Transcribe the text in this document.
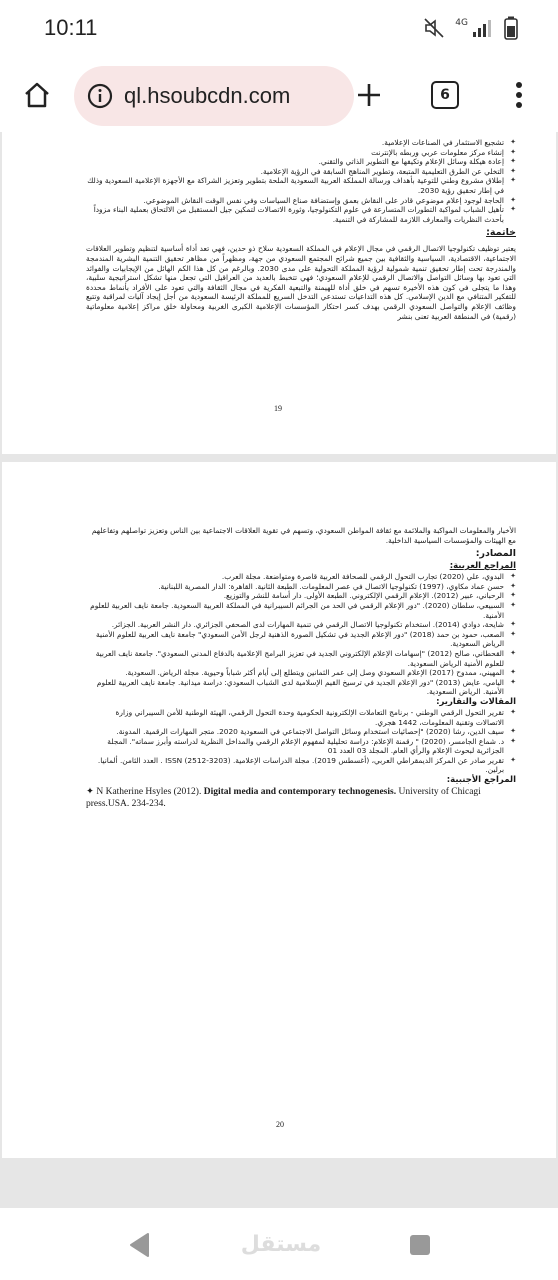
10:11	4G
ql.hsoubcdn.com	6
✦ تشجيع الاستثمار في الصناعات الإعلامية.
✦ إنشاء مركز معلومات عربي وربطه بالإنترنت
✦ إعادة هيكلة وسائل الإعلام وتكيفها مع التطوير الذاتي والتقني.
✦ التخلي عن الطرق التعليمية المتبعة، وتطوير المناهج السابقة في الرؤية الإعلامية.
✦ إطلاق مشروع وطني للتوعية بأهداف ورسالة المملكة العربية السعودية الملحة بتطوير وتعزيز الشراكة مع الأجهزة الإعلامية السعودية وذلك في إطار تحقيق رؤية 2030.
✦ الحاجة لوجود إعلام موضوعي قادر على النقاش بعمق وإستضافة صناع السياسات وفي نفس الوقت النقاش الموضوعي.
✦ تأهيل الشباب لمواكبة التطورات المتسارعة في علوم التكنولوجيا، وثورة الاتصالات لتمكين جيل المستقبل من الالتحاق بعملية البناء مزوداً بأحدث النظريات والمعارف اللازمة للمشاركة في التنمية.
خاتمة:
يعتبر توظيف تكنولوجيا الاتصال الرقمي في مجال الإعلام في المملكة السعودية سلاح ذو حدين، فهي تعد أداة أساسية لتنظيم وتطوير العلاقات الاجتماعية، الاقتصادية، السياسية والثقافية بين جميع شرائح المجتمع السعودي من جهة، ومظهراً من مظاهر تحقيق التنمية البشرية المندمجة والمندرجة تحت إطار تحقيق تنمية شمولية لرؤية المملكة التحولية على مدى 2030. وبالرغم من كل هذا الكم الهائل من الإيجابيات والفوائد التي تعود بها وسائل التواصل والاتصال الرقمي للإعلام السعودي؛ فهي تتخبط بالعديد من العراقيل التي تجعل منها تشكل استراتيجية سلبية، وهذا ما يتجلى في كون هذه الأخيرة تسهم في خلق أداة للهيمنة والتبعية الفكرية في مجال الثقافة والتي تعود على الأفراد بأنماط محددة للتفكير المتنافي مع الدين الإسلامي. كل هذه التداعيات تستدعي التدخل السريع للمملكة الرئيسة السعودية من أجل إيجاد آليات لمراقبة وتتبع وظائف الإعلام والتواصل السعودي الرقمي بهدف كسر احتكار المؤسسات الإعلامية الكبرى الغربية ومحاولة خلق مراكز إعلامية معلوماتية (رقمية) في المنطقة العربية تعنى بنشر
19
الأخبار والمعلومات المواكبة والملائمة مع ثقافة المواطن السعودي، وتسهم في تقوية العلاقات الاجتماعية بين الناس وتعزيز تواصلهم وتفاعلهم مع الهيئات والمؤسسات السياسية الداخلية.
المصادر:
المراجع العربية:
✦ البدوي، علي (2020) تجارب التحول الرقمي للصحافة العربية قاصرة ومتواضعة. مجلة العرب.
✦ حسن عماد مكاوي، (1997) تكنولوجيا الاتصال في عصر المعلومات. الطبعة الثانية. القاهرة: الدار المصرية اللبنانية.
✦ الرحباني، عبير (2012). الإعلام الرقمي الإلكتروني. الطبعة الأولى. دار أسامة للنشر والتوزيع.
✦ السبيعي، سلطان (2020). "دور الإعلام الرقمي في الحد من الجرائم السيبرانية في المملكة العربية السعودية. جامعة نايف العربية للعلوم الأمنية.
✦ شايحة، دوادي (2014). استخدام تكنولوجيا الاتصال الرقمي في تنمية المهارات لدى الصحفي الجزائري. دار النشر العربية. الجزائر.
✦ الصعب، حمود بن حمد (2018) "دور الإعلام الجديد في تشكيل الصورة الذهنية لرجل الأمن السعودي" جامعة نايف العربية للعلوم الأمنية الرياض السعودية.
✦ القحطاني، صالح (2012) "إسهامات الإعلام الإلكتروني الجديد في تعزيز البرامج الإعلامية بالدفاع المدني السعودي". جامعة نايف العربية للعلوم الأمنية الرياض السعودية.
✦ المهيني، ممدوح (2017) الإعلام السعودي وصل إلى عمر الثمانين ويتطلع إلى أيام أكثر شباباً وحيوية. مجلة الرياض. السعودية.
✦ اليامي، عايض (2013) "دور الإعلام الجديد في ترسيخ القيم الإسلامية لدى الشباب السعودي: دراسة ميدانية. جامعة نايف العربية للعلوم الأمنية. الرياض السعودية.
المقالات والتقارير:
✦ تقرير التحول الرقمي الوطني - برنامج التعاملات الإلكترونية الحكومية وحدة التحول الرقمي، الهيئة الوطنية للأمن السيبراني وزارة الاتصالات وتقنية المعلومات، 1442 هجري.
✦ سيف الدين، رشا (2020) "إحصائيات استخدام وسائل التواصل الاجتماعي في السعودية 2020. متجر المهارات الرقمية. المدونة.
✦ د. شماع الجامسر، (2020) " رقمنة الإعلام: دراسة تحليلية لمفهوم الإعلام الرقمي والمداخل النظرية لدراسته وأبرز سماته". المجلة الجزائرية لبحوث الإعلام والرأي العام. المجلد 03 العدد 01
✦ تقرير صادر عن المركز الديمقراطي العربي، (أغسطس 2019). مجلة الدراسات الإعلامية. ISSN (2512-3203) . العدد الثامن. ألمانيا. برلين.
المراجع الأجنبية:
✦ N Katherine Hsyles (2012). Digital media and contemporary technogenesis. University of Chicagi press.USA. 234-234.
20
مستقل
